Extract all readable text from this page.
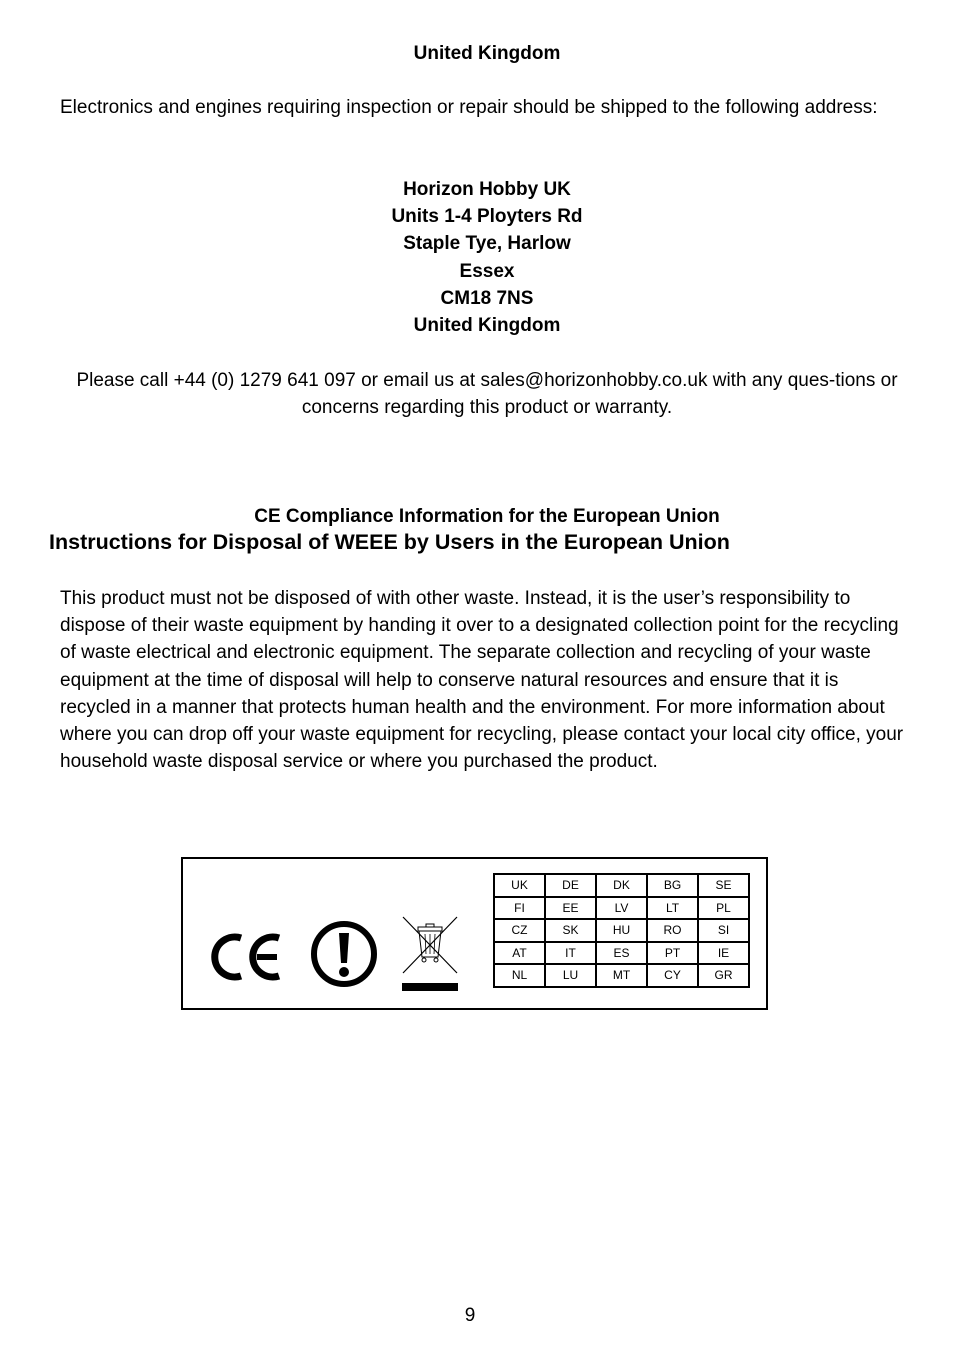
United Kingdom
Electronics and engines requiring inspection or repair should be shipped to the following address:
Horizon Hobby UK
Units 1-4 Ployters Rd
Staple Tye, Harlow
Essex
CM18 7NS
United Kingdom
Please call +44 (0) 1279 641 097 or email us at sales@horizonhobby.co.uk with any ques-tions or concerns regarding this product or warranty.
CE Compliance Information for the European Union
Instructions for Disposal of WEEE by Users in the European Union
This product must not be disposed of with other waste. Instead, it is the user’s responsibility to dispose of their waste equipment by handing it over to a designated collection point for the recycling of waste electrical and electronic equipment. The separate collection and recycling of your waste equipment at the time of disposal will help to conserve natural resources and ensure that it is recycled in a manner that protects human health and the environment. For more information about where you can drop off your waste equipment for recycling, please contact your local city office, your household waste disposal service or where you purchased the product.
UK	DE	DK	BG	SE
FI	EE	LV	LT	PL
CZ	SK	HU	RO	SI
AT	IT	ES	PT	IE
NL	LU	MT	CY	GR
9
